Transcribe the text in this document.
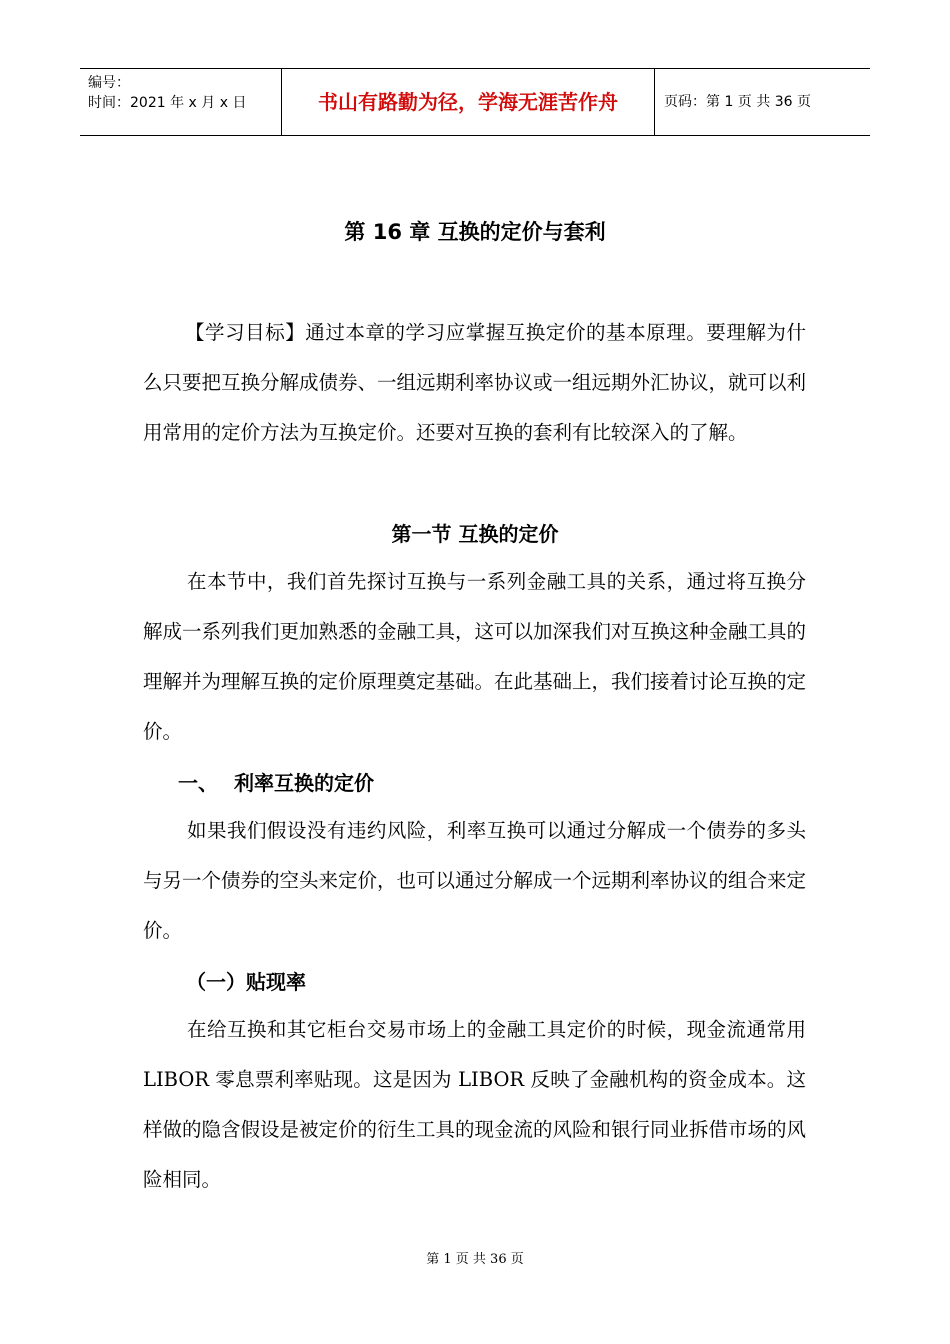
编号：
时间：2021 年 x 月 x 日	书山有路勤为径，学海无涯苦作舟	页码：第 1 页 共 36 页
第 16 章 互换的定价与套利

【学习目标】通过本章的学习应掌握互换定价的基本原理。要理解为什么只要把互换分解成债券、一组远期利率协议或一组远期外汇协议，就可以利用常用的定价方法为互换定价。还要对互换的套利有比较深入的了解。

第一节 互换的定价

在本节中，我们首先探讨互换与一系列金融工具的关系，通过将互换分解成一系列我们更加熟悉的金融工具，这可以加深我们对互换这种金融工具的理解并为理解互换的定价原理奠定基础。在此基础上，我们接着讨论互换的定价。

一、 利率互换的定价

如果我们假设没有违约风险，利率互换可以通过分解成一个债券的多头与另一个债券的空头来定价，也可以通过分解成一个远期利率协议的组合来定价。

（一）贴现率

在给互换和其它柜台交易市场上的金融工具定价的时候，现金流通常用 LIBOR 零息票利率贴现。这是因为 LIBOR 反映了金融机构的资金成本。这样做的隐含假设是被定价的衍生工具的现金流的风险和银行同业拆借市场的风险相同。

第 1 页 共 36 页
